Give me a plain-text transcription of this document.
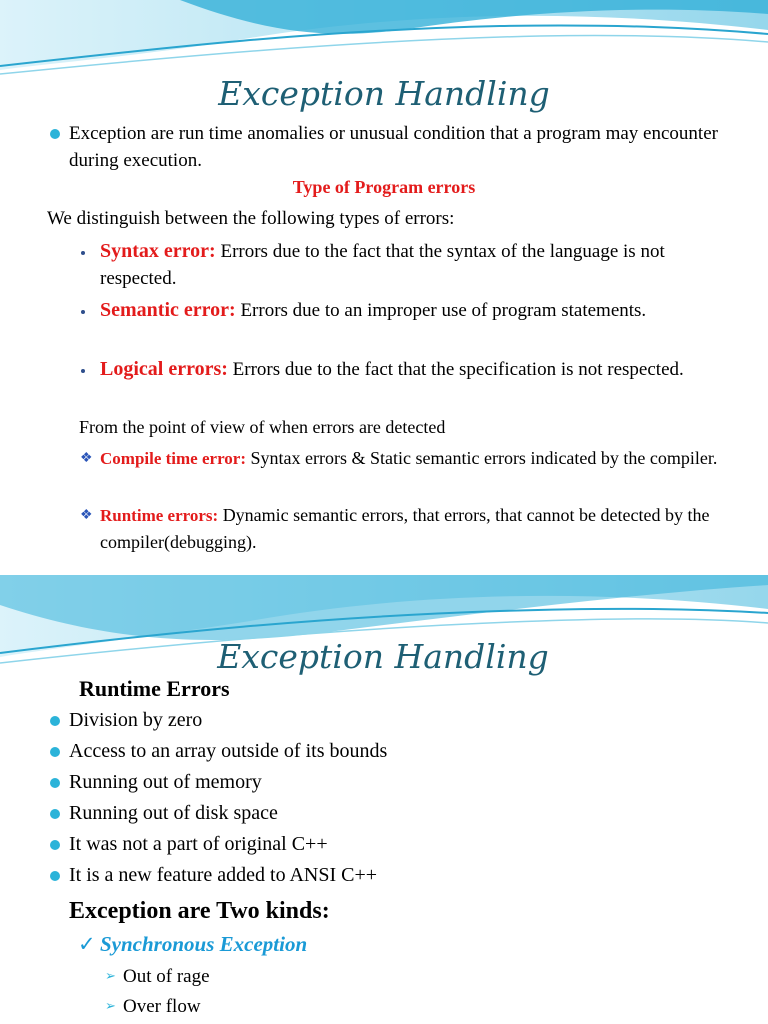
Exception Handling
Exception are run time anomalies or unusual condition that a program may encounter during execution.
Type of Program errors
We distinguish between the following types of errors:
Syntax error: Errors due to the fact that the syntax of the language is not respected.
Semantic error: Errors due to an improper use of program statements.
Logical errors: Errors due to the fact that the specification is not respected.
From the point of view of when errors are detected
❖ Compile time error: Syntax errors & Static semantic errors indicated by the compiler.
❖ Runtime errors: Dynamic semantic errors, that errors, that cannot be detected by the compiler(debugging).
Exception Handling
Runtime Errors
Division by zero
Access to an array outside of its bounds
Running out of memory
Running out of disk space
It was not a part of original C++
It is a new feature added to ANSI C++
Exception are Two kinds:
✓ Synchronous Exception
➢ Out of rage
➢ Over flow
